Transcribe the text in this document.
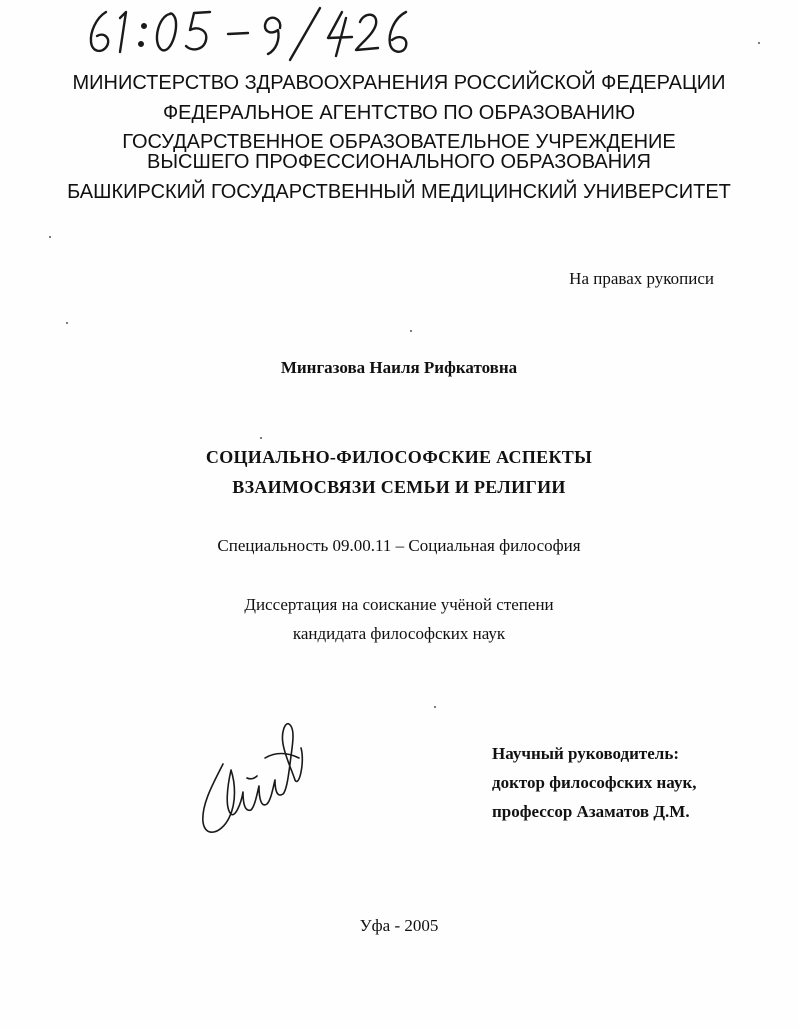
МИНИСТЕРСТВО ЗДРАВООХРАНЕНИЯ РОССИЙСКОЙ ФЕДЕРАЦИИ
ФЕДЕРАЛЬНОЕ АГЕНТСТВО ПО ОБРАЗОВАНИЮ
ГОСУДАРСТВЕННОЕ ОБРАЗОВАТЕЛЬНОЕ УЧРЕЖДЕНИЕ
ВЫСШЕГО ПРОФЕССИОНАЛЬНОГО ОБРАЗОВАНИЯ
БАШКИРСКИЙ ГОСУДАРСТВЕННЫЙ МЕДИЦИНСКИЙ УНИВЕРСИТЕТ
На правах рукописи
Мингазова Наиля Рифкатовна
СОЦИАЛЬНО-ФИЛОСОФСКИЕ АСПЕКТЫ
ВЗАИМОСВЯЗИ СЕМЬИ И РЕЛИГИИ
Специальность 09.00.11 – Социальная философия
Диссертация на соискание учёной степени
кандидата философских наук
Научный руководитель:
доктор философских наук,
профессор Азаматов Д.М.
Уфа - 2005
